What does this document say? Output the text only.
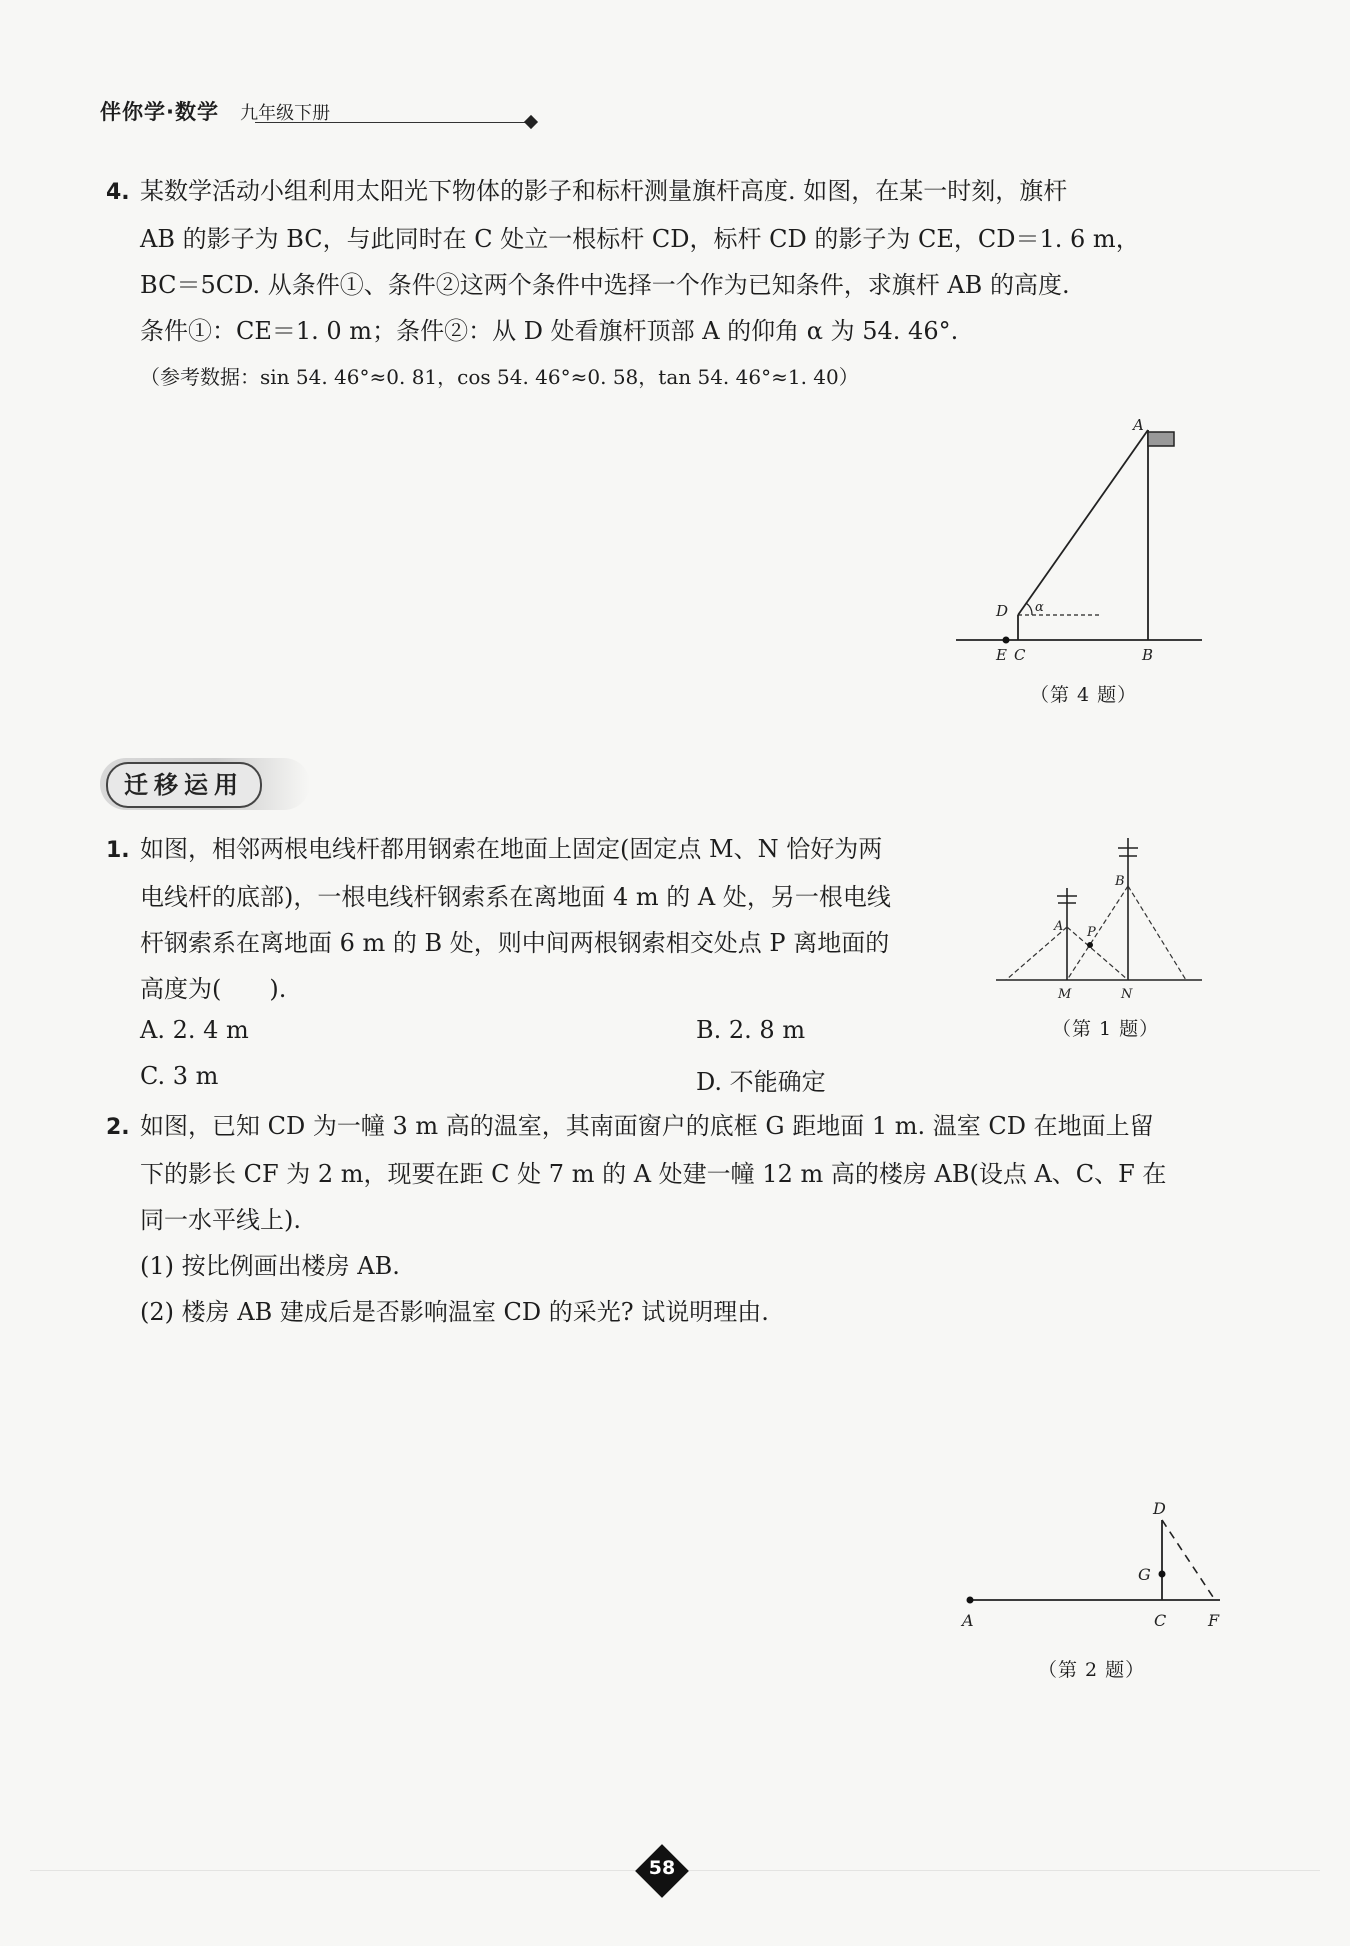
伴你学·数学 九年级下册
4. 某数学活动小组利用太阳光下物体的影子和标杆测量旗杆高度. 如图，在某一时刻，旗杆
AB 的影子为 BC，与此同时在 C 处立一根标杆 CD，标杆 CD 的影子为 CE，CD＝1. 6 m，
BC＝5CD. 从条件①、条件②这两个条件中选择一个作为已知条件，求旗杆 AB 的高度.
条件①：CE＝1. 0 m；条件②：从 D 处看旗杆顶部 A 的仰角 α 为 54. 46°.
（参考数据：sin 54. 46°≈0. 81，cos 54. 46°≈0. 58，tan 54. 46°≈1. 40）
A
B
C
D
E
α
（第 4 题）
迁移运用
1. 如图，相邻两根电线杆都用钢索在地面上固定(固定点 M、N 恰好为两
电线杆的底部)，一根电线杆钢索系在离地面 4 m 的 A 处，另一根电线
杆钢索系在离地面 6 m 的 B 处，则中间两根钢索相交处点 P 离地面的
高度为(　　).
A. 2. 4 m	B. 2. 8 m
C. 3 m	D. 不能确定
A
B
P
M	N
（第 1 题）
2. 如图，已知 CD 为一幢 3 m 高的温室，其南面窗户的底框 G 距地面 1 m. 温室 CD 在地面上留
下的影长 CF 为 2 m，现要在距 C 处 7 m 的 A 处建一幢 12 m 高的楼房 AB(设点 A、C、F 在
同一水平线上).
(1) 按比例画出楼房 AB.
(2) 楼房 AB 建成后是否影响温室 CD 的采光? 试说明理由.
A	C
D
F
G
（第 2 题）
58
